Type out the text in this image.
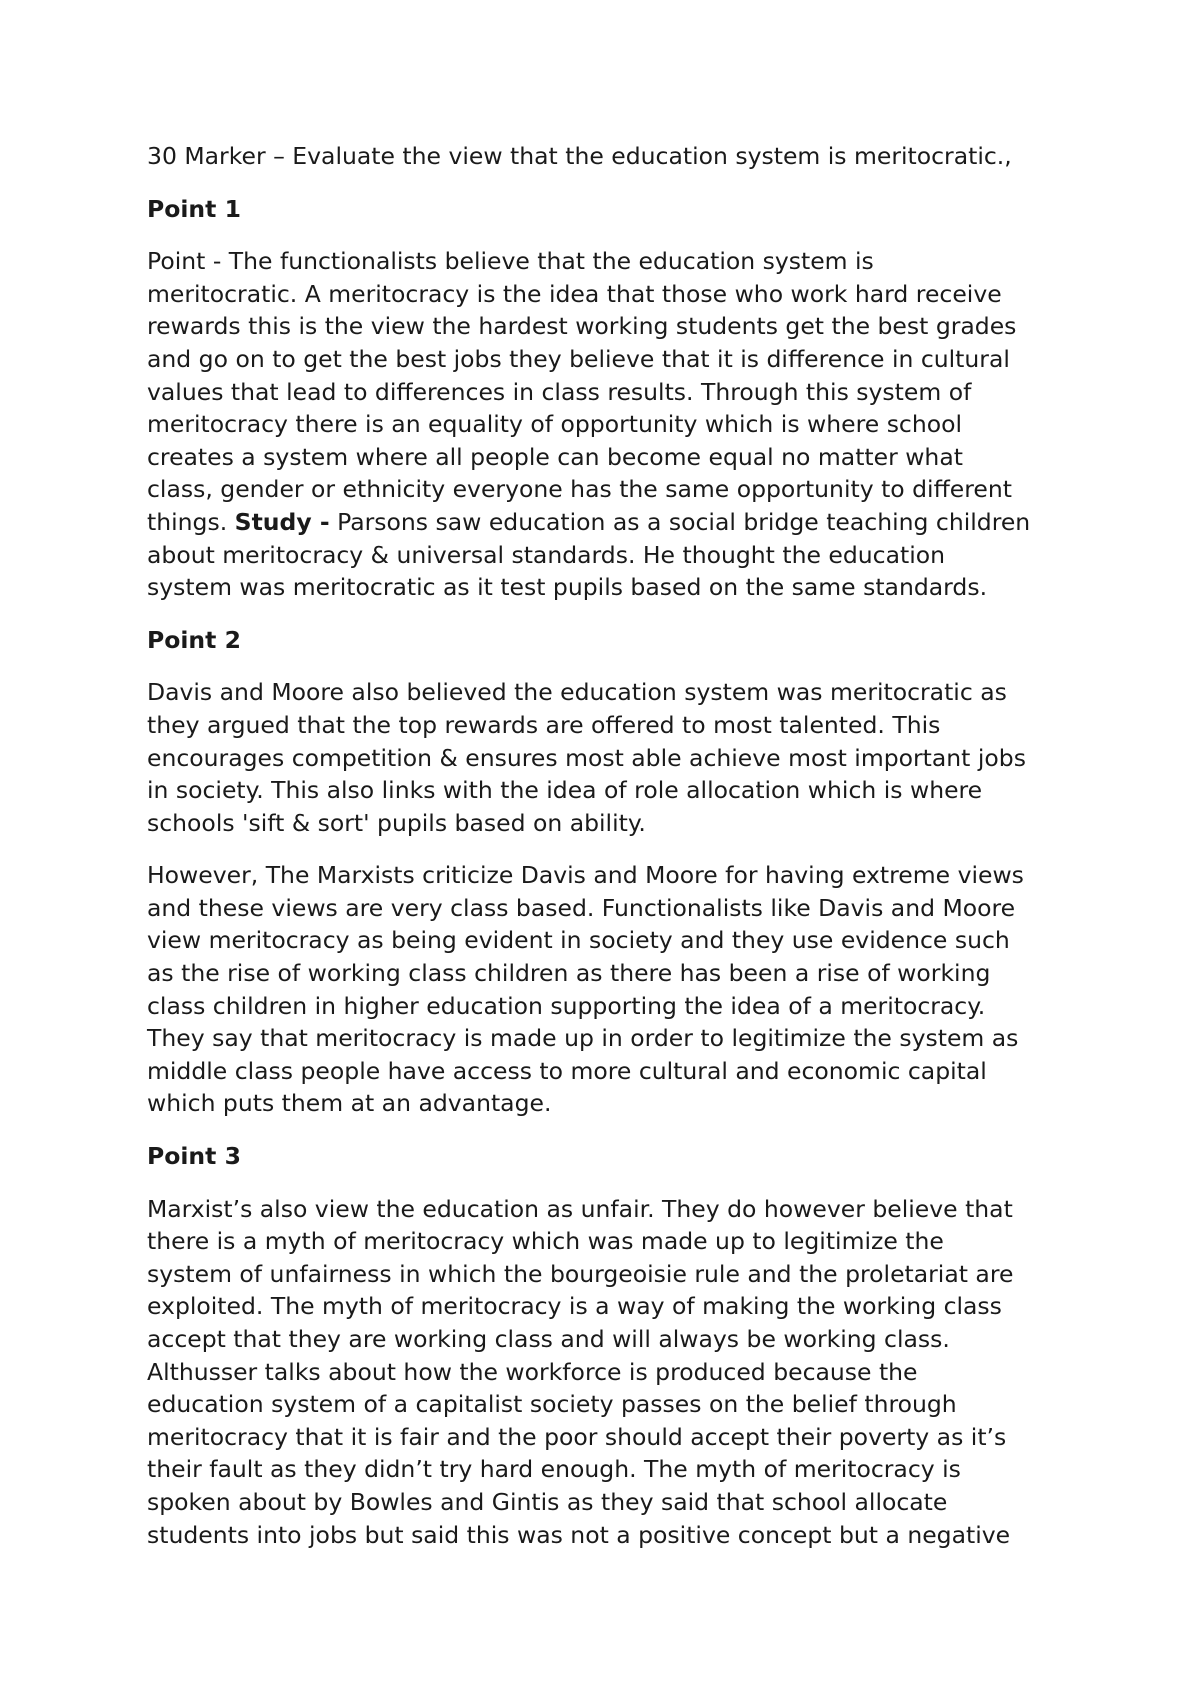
30 Marker – Evaluate the view that the education system is meritocratic.,

Point 1

Point - The functionalists believe that the education system is
meritocratic. A meritocracy is the idea that those who work hard receive
rewards this is the view the hardest working students get the best grades
and go on to get the best jobs they believe that it is difference in cultural
values that lead to differences in class results. Through this system of
meritocracy there is an equality of opportunity which is where school
creates a system where all people can become equal no matter what
class, gender or ethnicity everyone has the same opportunity to different
things. Study - Parsons saw education as a social bridge teaching children
about meritocracy & universal standards. He thought the education
system was meritocratic as it test pupils based on the same standards.

Point 2

Davis and Moore also believed the education system was meritocratic as
they argued that the top rewards are offered to most talented. This
encourages competition & ensures most able achieve most important jobs
in society. This also links with the idea of role allocation which is where
schools 'sift & sort' pupils based on ability.

However, The Marxists criticize Davis and Moore for having extreme views
and these views are very class based. Functionalists like Davis and Moore
view meritocracy as being evident in society and they use evidence such
as the rise of working class children as there has been a rise of working
class children in higher education supporting the idea of a meritocracy.
They say that meritocracy is made up in order to legitimize the system as
middle class people have access to more cultural and economic capital
which puts them at an advantage.

Point 3

Marxist’s also view the education as unfair. They do however believe that
there is a myth of meritocracy which was made up to legitimize the
system of unfairness in which the bourgeoisie rule and the proletariat are
exploited. The myth of meritocracy is a way of making the working class
accept that they are working class and will always be working class.
Althusser talks about how the workforce is produced because the
education system of a capitalist society passes on the belief through
meritocracy that it is fair and the poor should accept their poverty as it’s
their fault as they didn’t try hard enough. The myth of meritocracy is
spoken about by Bowles and Gintis as they said that school allocate
students into jobs but said this was not a positive concept but a negative
